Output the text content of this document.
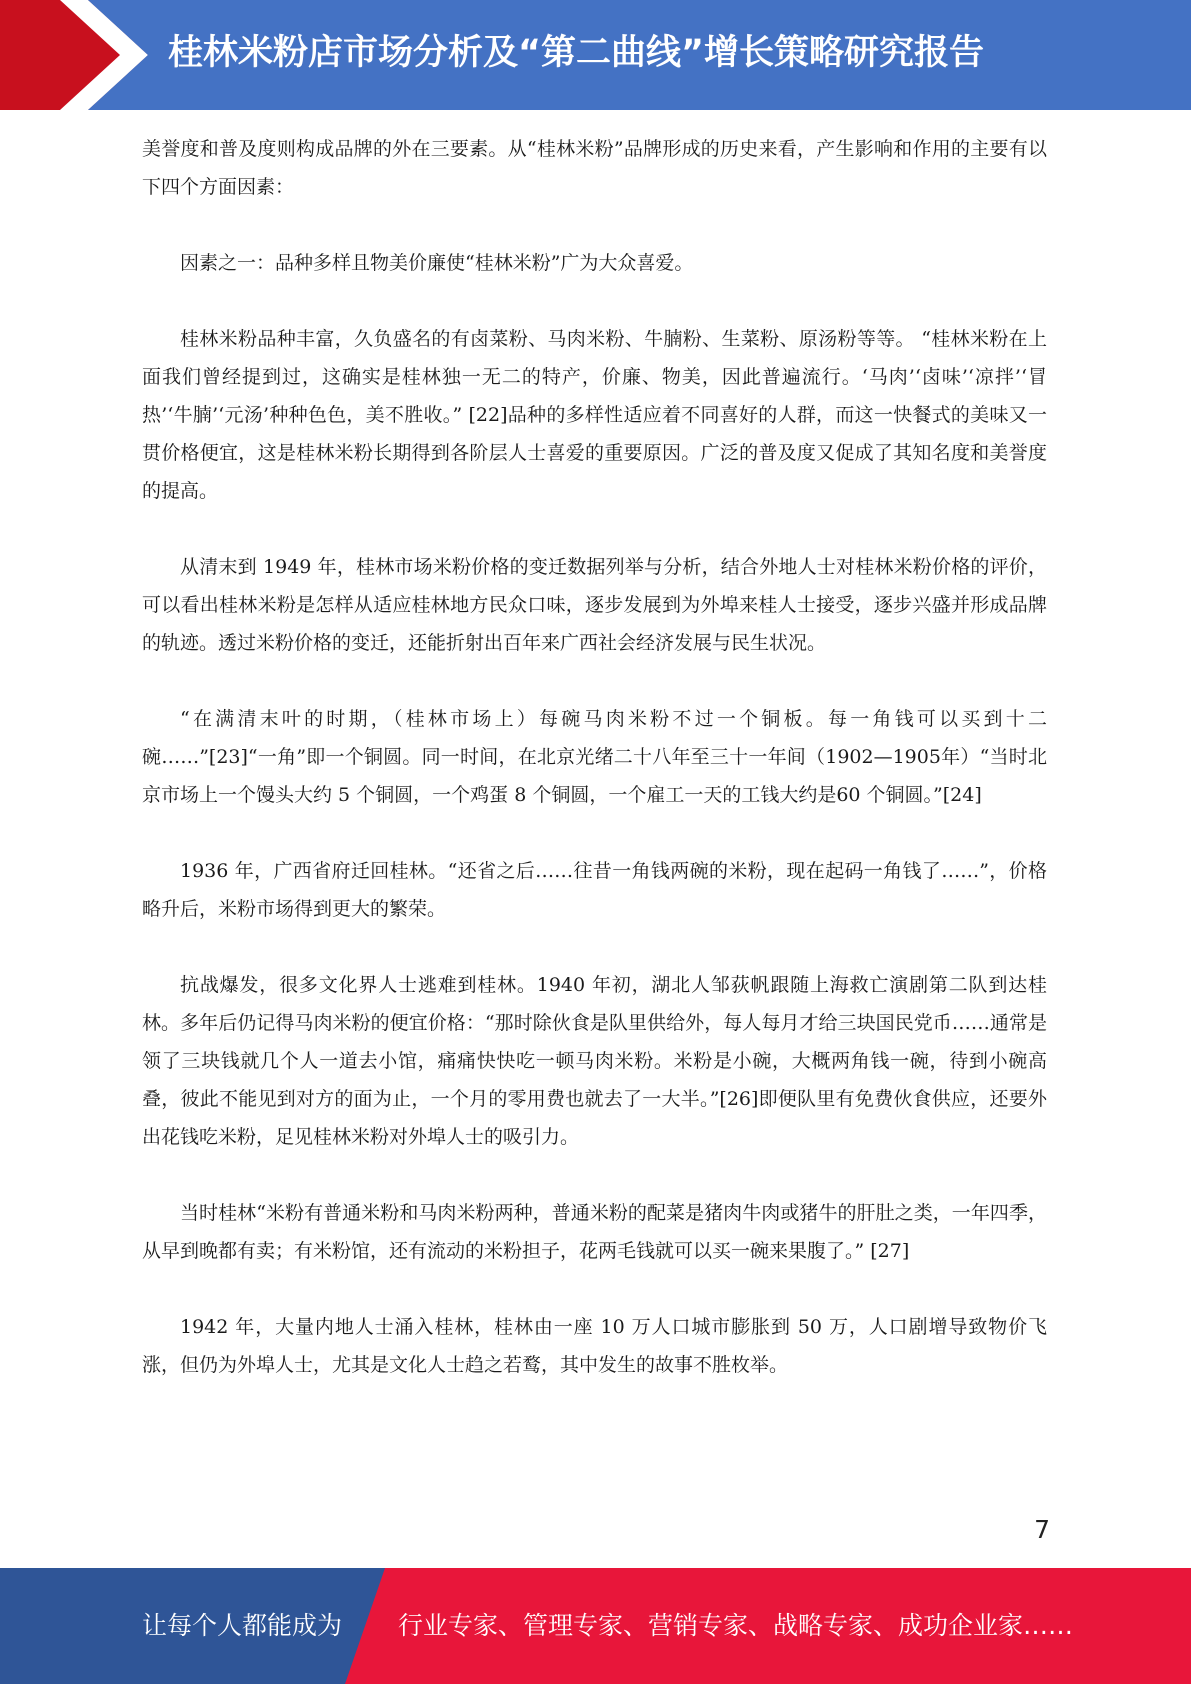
桂林米粉店市场分析及“第二曲线”增长策略研究报告

美誉度和普及度则构成品牌的外在三要素。从“桂林米粉”品牌形成的历史来看，产生影响和作用的主要有以下四个方面因素：

因素之一：品种多样且物美价廉使“桂林米粉”广为大众喜爱。

桂林米粉品种丰富，久负盛名的有卤菜粉、马肉米粉、牛腩粉、生菜粉、原汤粉等等。 “桂林米粉在上面我们曾经提到过，这确实是桂林独一无二的特产，价廉、物美，因此普遍流行。‘马肉’‘卤味’‘凉拌’‘冒热’‘牛腩’‘元汤’种种色色，美不胜收。” [22]品种的多样性适应着不同喜好的人群，而这一快餐式的美味又一贯价格便宜，这是桂林米粉长期得到各阶层人士喜爱的重要原因。广泛的普及度又促成了其知名度和美誉度的提高。

从清末到 1949 年，桂林市场米粉价格的变迁数据列举与分析，结合外地人士对桂林米粉价格的评价，可以看出桂林米粉是怎样从适应桂林地方民众口味，逐步发展到为外埠来桂人士接受，逐步兴盛并形成品牌的轨迹。透过米粉价格的变迁，还能折射出百年来广西社会经济发展与民生状况。

“在满清末叶的时期，（桂林市场上）每碗马肉米粉不过一个铜板。每一角钱可以买到十二碗……”[23]“一角”即一个铜圆。同一时间，在北京光绪二十八年至三十一年间（1902—1905年）“当时北京市场上一个馒头大约 5 个铜圆，一个鸡蛋 8 个铜圆，一个雇工一天的工钱大约是60 个铜圆。”[24]

1936 年，广西省府迁回桂林。“还省之后……往昔一角钱两碗的米粉，现在起码一角钱了……”，价格略升后，米粉市场得到更大的繁荣。

抗战爆发，很多文化界人士逃难到桂林。1940 年初，湖北人邹荻帆跟随上海救亡演剧第二队到达桂林。多年后仍记得马肉米粉的便宜价格：“那时除伙食是队里供给外，每人每月才给三块国民党币……通常是领了三块钱就几个人一道去小馆，痛痛快快吃一顿马肉米粉。米粉是小碗，大概两角钱一碗，待到小碗高叠，彼此不能见到对方的面为止，一个月的零用费也就去了一大半。”[26]即便队里有免费伙食供应，还要外出花钱吃米粉，足见桂林米粉对外埠人士的吸引力。

当时桂林“米粉有普通米粉和马肉米粉两种，普通米粉的配菜是猪肉牛肉或猪牛的肝肚之类，一年四季，从早到晚都有卖；有米粉馆，还有流动的米粉担子，花两毛钱就可以买一碗来果腹了。” [27]

1942 年，大量内地人士涌入桂林，桂林由一座 10 万人口城市膨胀到 50 万，人口剧增导致物价飞涨，但仍为外埠人士，尤其是文化人士趋之若鹜，其中发生的故事不胜枚举。

7
让每个人都能成为 行业专家、管理专家、营销专家、战略专家、成功企业家……
